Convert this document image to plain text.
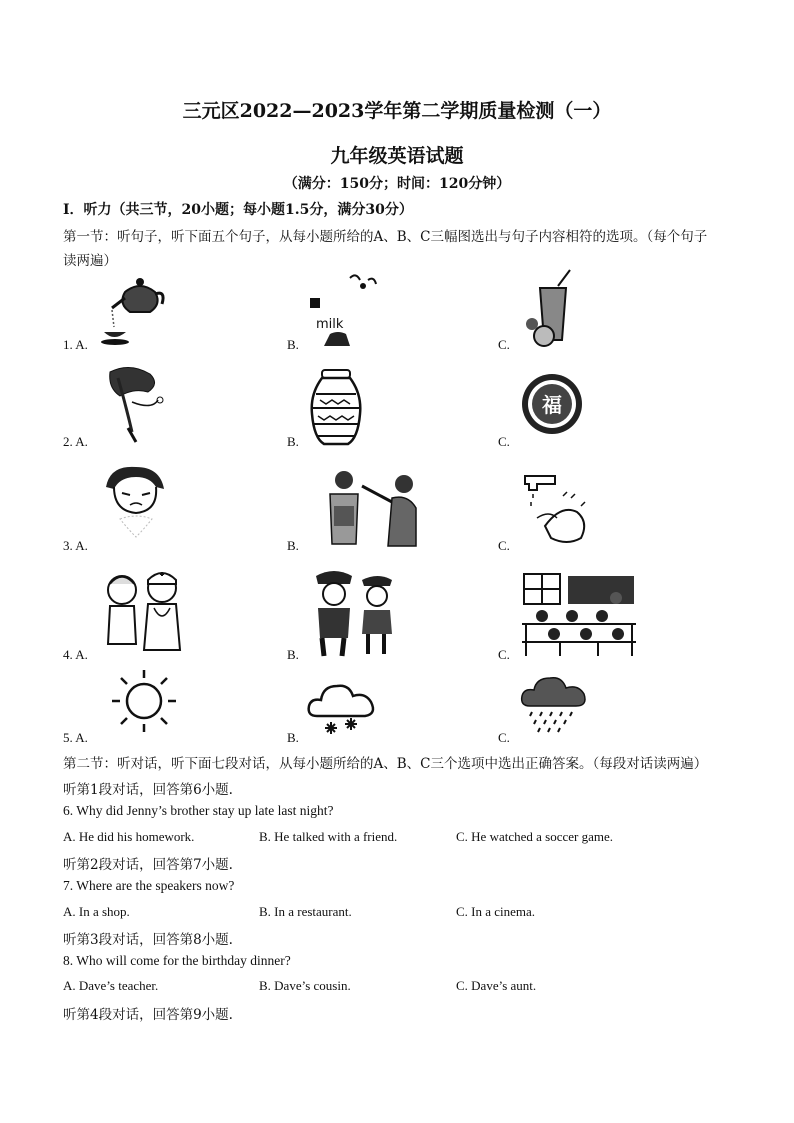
三元区2022—2023学年第二学期质量检测（一）
九年级英语试题
（满分：150分；时间：120分钟）
Ⅰ．听力（共三节，20小题；每小题1.5分，满分30分）
第一节：听句子，听下面五个句子，从每小题所给的A、B、C三幅图选出与句子内容相符的选项。（每个句子
读两遍）
1. A.	B.	C.
milk
2. A.	B.	C.
福
3. A.	B.	C.
4. A.	B.	C.
5. A.	B.	C.
第二节：听对话，听下面七段对话，从每小题所给的A、B、C三个选项中选出正确答案。（每段对话读两遍）
听第1段对话，回答第6小题.
6. Why did Jenny’s brother stay up late last night?
A. He did his homework.	B. He talked with a friend.	C. He watched a soccer game.
听第2段对话，回答第7小题.
7. Where are the speakers now?
A. In a shop.	B. In a restaurant.	C. In a cinema.
听第3段对话，回答第8小题.
8. Who will come for the birthday dinner?
A. Dave’s teacher.	B. Dave’s cousin.	C. Dave’s aunt.
听第4段对话，回答第9小题.
